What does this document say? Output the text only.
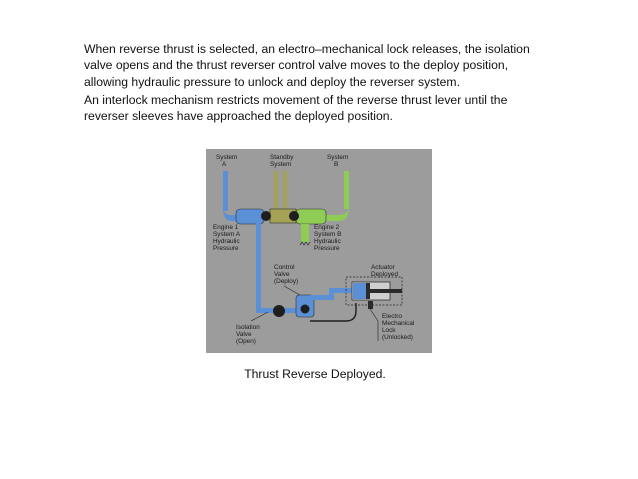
When reverse thrust is selected, an electro–mechanical lock releases, the isolation valve opens and the thrust reverser control valve moves to the deploy position, allowing hydraulic pressure to unlock and deploy the reverser system.

An interlock mechanism restricts movement of the reverse thrust lever until the reverser sleeves have approached the deployed position.

System A
Standby System
System B
Engine 1 System A Hydraulic Pressure
Engine 2 System B Hydraulic Pressure
Control Valve (Deploy)
Actuator Deployed
Isolation Valve (Open)
Electro Mechanical Lock (Unlocked)
Thrust Reverse Deployed.
